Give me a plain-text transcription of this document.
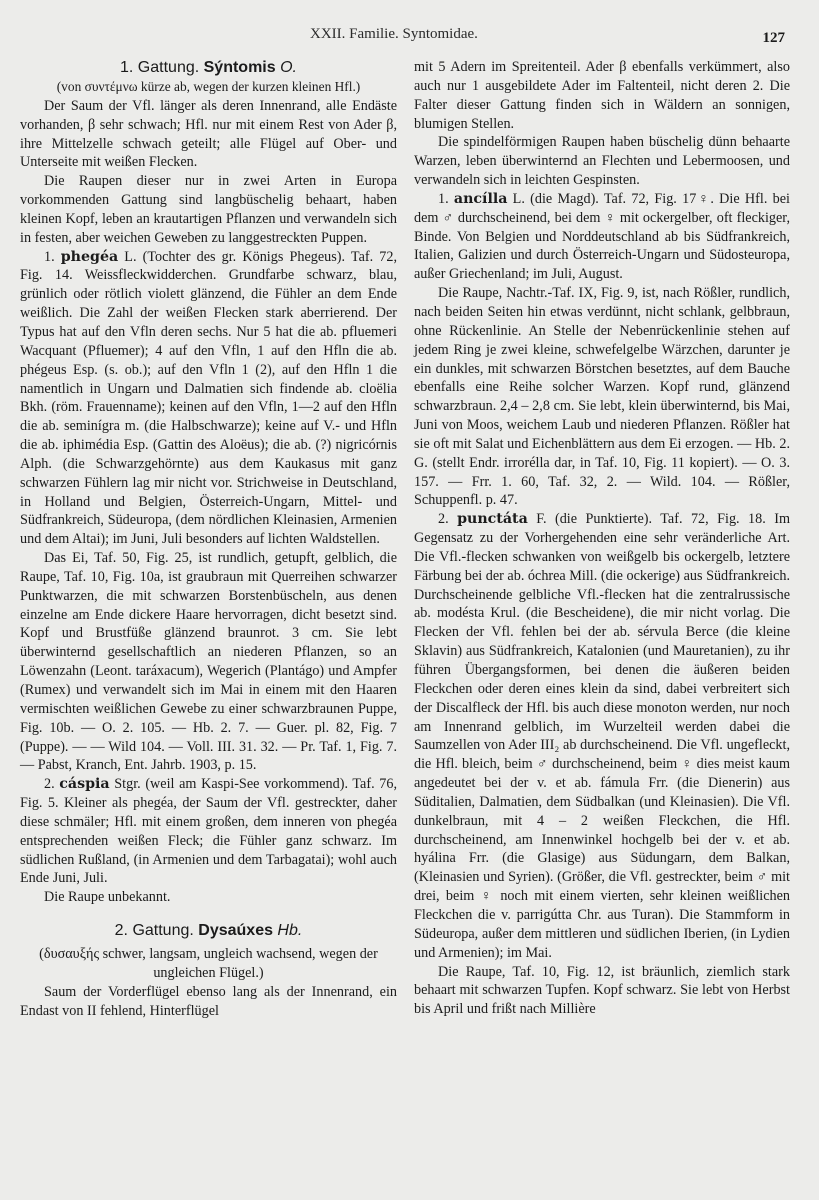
XXII. Familie. Syntomidae.	127
1. Gattung. Sýntomis O.

(von συντέμνω kürze ab, wegen der kurzen kleinen Hfl.)

Der Saum der Vfl. länger als deren Innenrand, alle Endäste vorhanden, β sehr schwach; Hfl. nur mit einem Rest von Ader β, ihre Mittelzelle schwach geteilt; alle Flügel auf Ober- und Unterseite mit weißen Flecken.

Die Raupen dieser nur in zwei Arten in Europa vorkommenden Gattung sind langbüschelig behaart, haben kleinen Kopf, leben an krautartigen Pflanzen und verwandeln sich in festen, aber weichen Geweben zu langgestreckten Puppen.

1. phegéa L. (Tochter des gr. Königs Phegeus). Taf. 72, Fig. 14. Weissfleckwidderchen. Grundfarbe schwarz, blau, grünlich oder rötlich violett glänzend, die Fühler an dem Ende weißlich. Die Zahl der weißen Flecken stark aberrierend. Der Typus hat auf den Vfln deren sechs. Nur 5 hat die ab. pfluemeri Wacquant (Pfluemer); 4 auf den Vfln, 1 auf den Hfln die ab. phégeus Esp. (s. ob.); auf den Vfln 1 (2), auf den Hfln 1 die namentlich in Ungarn und Dalmatien sich findende ab. cloëlia Bkh. (röm. Frauenname); keinen auf den Vfln, 1—2 auf den Hfln die ab. seminígra m. (die Halbschwarze); keine auf V.- und Hfln die ab. iphimédia Esp. (Gattin des Aloëus); die ab. (?) nigricórnis Alph. (die Schwarzgehörnte) aus dem Kaukasus mit ganz schwarzen Fühlern lag mir nicht vor. Strichweise in Deutschland, in Holland und Belgien, Österreich-Ungarn, Mittel- und Südfrankreich, Südeuropa, (dem nördlichen Kleinasien, Armenien und dem Altai); im Juni, Juli besonders auf lichten Waldstellen.

Das Ei, Taf. 50, Fig. 25, ist rundlich, getupft, gelblich, die Raupe, Taf. 10, Fig. 10a, ist graubraun mit Querreihen schwarzer Punktwarzen, die mit schwarzen Borstenbüscheln, aus denen einzelne am Ende dickere Haare hervorragen, dicht besetzt sind. Kopf und Brustfüße glänzend braunrot. 3 cm. Sie lebt überwinternd gesellschaftlich an niederen Pflanzen, so an Löwenzahn (Leont. taráxacum), Wegerich (Plantágo) und Ampfer (Rumex) und verwandelt sich im Mai in einem mit den Haaren vermischten weißlichen Gewebe zu einer schwarzbraunen Puppe, Fig. 10b. — O. 2. 105. — Hb. 2. 7. — Guer. pl. 82, Fig. 7 (Puppe). — — Wild 104. — Voll. III. 31. 32. — Pr. Taf. 1, Fig. 7. — Pabst, Kranch, Ent. Jahrb. 1903, p. 15.

2. cáspia Stgr. (weil am Kaspi-See vorkommend). Taf. 76, Fig. 5. Kleiner als phegéa, der Saum der Vfl. gestreckter, daher diese schmäler; Hfl. mit einem großen, dem inneren von phegéa entsprechenden weißen Fleck; die Fühler ganz schwarz. Im südlichen Rußland, (in Armenien und dem Tarbagatai); wohl auch Ende Juni, Juli.

Die Raupe unbekannt.

2. Gattung. Dysaúxes Hb.

(δυσαυξής schwer, langsam, ungleich wachsend, wegen der ungleichen Flügel.)

Saum der Vorderflügel ebenso lang als der Innenrand, ein Endast von II fehlend, Hinterflügel

mit 5 Adern im Spreitenteil. Ader β ebenfalls verkümmert, also auch nur 1 ausgebildete Ader im Faltenteil, nicht deren 2. Die Falter dieser Gattung finden sich in Wäldern an sonnigen, blumigen Stellen.

Die spindelförmigen Raupen haben büschelig dünn behaarte Warzen, leben überwinternd an Flechten und Lebermoosen, und verwandeln sich in leichten Gespinsten.

1. ancílla L. (die Magd). Taf. 72, Fig. 17♀. Die Hfl. bei dem ♂ durchscheinend, bei dem ♀ mit ockergelber, oft fleckiger, Binde. Von Belgien und Norddeutschland ab bis Südfrankreich, Italien, Galizien und durch Österreich-Ungarn und Südosteuropa, außer Griechenland; im Juli, August.

Die Raupe, Nachtr.-Taf. IX, Fig. 9, ist, nach Rößler, rundlich, nach beiden Seiten hin etwas verdünnt, nicht schlank, gelbbraun, ohne Rückenlinie. An Stelle der Nebenrückenlinie stehen auf jedem Ring je zwei kleine, schwefelgelbe Wärzchen, darunter je ein dunkles, mit schwarzen Börstchen besetztes, auf dem Bauche ebenfalls eine Reihe solcher Warzen. Kopf rund, glänzend schwarzbraun. 2,4 – 2,8 cm. Sie lebt, klein überwinternd, bis Mai, Juni von Moos, weichem Laub und niederen Pflanzen. Rößler hat sie oft mit Salat und Eichenblättern aus dem Ei erzogen. — Hb. 2. G. (stellt Endr. irrorélla dar, in Taf. 10, Fig. 11 kopiert). — O. 3. 157. — Frr. 1. 60, Taf. 32, 2. — Wild. 104. — Rößler, Schuppenfl. p. 47.

2. punctáta F. (die Punktierte). Taf. 72, Fig. 18. Im Gegensatz zu der Vorhergehenden eine sehr veränderliche Art. Die Vfl.-flecken schwanken von weißgelb bis ockergelb, letztere Färbung bei der ab. óchrea Mill. (die ockerige) aus Südfrankreich. Durchscheinende gelbliche Vfl.-flecken hat die zentralrussische ab. modésta Krul. (die Bescheidene), die mir nicht vorlag. Die Flecken der Vfl. fehlen bei der ab. sérvula Berce (die kleine Sklavin) aus Südfrankreich, Katalonien (und Mauretanien), zu ihr führen Übergangsformen, bei denen die äußeren beiden Fleckchen oder deren eines klein da sind, dabei verbreitert sich der Discalfleck der Hfl. bis auch diese monoton werden, nur noch am Innenrand gelblich, im Wurzelteil werden dabei die Saumzellen von Ader III₂ ab durchscheinend. Die Vfl. ungefleckt, die Hfl. bleich, beim ♂ durchscheinend, beim ♀ dies meist kaum angedeutet bei der v. et ab. fámula Frr. (die Dienerin) aus Süditalien, Dalmatien, dem Südbalkan (und Kleinasien). Die Vfl. dunkelbraun, mit 4 – 2 weißen Fleckchen, die Hfl. durchscheinend, am Innenwinkel hochgelb bei der v. et ab. hyálina Frr. (die Glasige) aus Südungarn, dem Balkan, (Kleinasien und Syrien). (Größer, die Vfl. gestreckter, beim ♂ mit drei, beim ♀ noch mit einem vierten, sehr kleinen weißlichen Fleckchen die v. parrigútta Chr. aus Turan). Die Stammform in Südeuropa, außer dem mittleren und südlichen Iberien, (in Lydien und Armenien); im Mai.

Die Raupe, Taf. 10, Fig. 12, ist bräunlich, ziemlich stark behaart mit schwarzen Tupfen. Kopf schwarz. Sie lebt von Herbst bis April und frißt nach Millière
